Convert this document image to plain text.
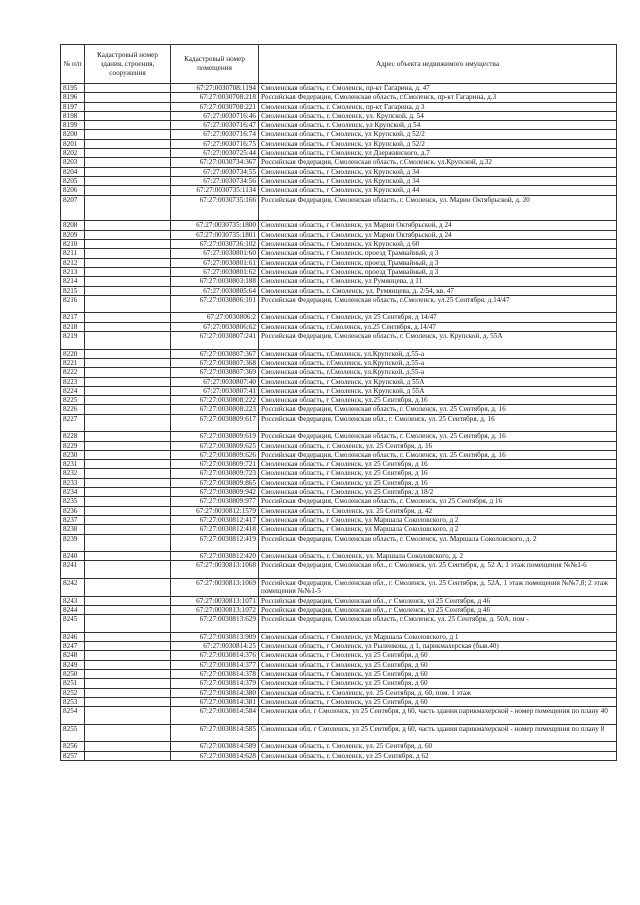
№ п/п	Кадастровый номер здания, строения, сооружения	Кадастровый номер помещения	Адрес объекта недвижимого имущества
8195		67:27:0030708:1194	Смоленская область, г. Смоленск, пр-кт Гагарина, д. 47
8196		67:27:0030708:218	Российская Федерация, Смоленская область, г.Смоленск, пр-кт Гагарина, д.3
8197		67:27:0030708:221	Смоленская область, г. Смоленск, пр-кт Гагарина, д 3
8198		67:27:0030716:46	Смоленская область, г. Смоленск, ул. Крупской, д. 54
8199		67:27:0030716:47	Смоленская область, г. Смоленск, ул Крупской, д 54
8200		67:27:0030716:74	Смоленская область, г Смоленск, ул Крупской, д 52/2
8201		67:27:0030716:75	Смоленская область, г Смоленск, ул Крупской, д 52/2
8202		67:27:0030725:44	Смоленская область, г Смоленск, ул Дзержинского, д.7
8203		67:27:0030734:367	Российская Федерация, Смоленская область, г.Смоленск, ул.Крупской, д.32
8204		67:27:0030734:55	Смоленская область, г Смоленск, ул Крупской, д 34
8205		67:27:0030734:56	Смоленская область, г Смоленск, ул Крупской, д 34
8206		67:27:0030735:1134	Смоленская область, г Смоленск, ул Крупской, д 44
8207		67:27:0030735:166	Российская Федерация, Смоленская область, г. Смоленск, ул. Марии Октябрьской, д. 20
8208		67:27:0030735:1800	Смоленская область, г Смоленск, ул Марии Октябрьской, д 24
8209		67:27:0030735:1801	Смоленская область, г Смоленск, ул Марии Октябрьской, д 24
8210		67:27:0030736:102	Смоленская область, г Смоленск, ул Крупской, д 60
8211		67:27:0030801:60	Смоленская область, г Смоленск, проезд Трамвайный, д 3
8212		67:27:0030801:61	Смоленская область, г Смоленск, проезд Трамвайный, д 3
8213		67:27:0030801:62	Смоленская область, г Смоленск, проезд Трамвайный, д 3
8214		67:27:0030803:188	Смоленская область, г Смоленск, ул Румянцева, д 11
8215		67:27:0030805:64	Смоленская область, г. Смоленск, ул. Румянцева, д. 2/54, кв. 47
8216		67:27:0030806:101	Российская Федерация, Смоленская область, г.Смоленск, ул.25 Сентября, д.14/47
8217		67:27:0030806:2	Смоленская область, г Смоленск, ул 25 Сентября, д 14/47
8218		67:27:0030806:62	Смоленская область, г.Смоленск, ул.25 Сентября, д.14/47
8219		67:27:0030807:241	Российская Федерация, Смоленская область, г. Смоленск, ул. Крупской, д. 55А
8220		67:27:0030807:367	Смоленская область, г.Смоленск, ул.Крупской, д.55-а
8221		67:27:0030807:368	Смоленская область, г.Смоленск, ул.Крупской, д.55-а
8222		67:27:0030807:369	Смоленская область, г.Смоленск, ул.Крупской, д.55-а
8223		67:27:0030807:40	Смоленская область, г Смоленск, ул Крупской, д 55А
8224		67:27:0030807:41	Смоленская область, г Смоленск, ул Крупской, д 55А
8225		67:27:0030808:222	Смоленская область, г Смоленск, ул.25 Сентября, д.16
8226		67:27:0030808:223	Российская Федерация, Смоленская область, г. Смоленск, ул. 25 Сентября, д. 16
8227		67:27:0030809:617	Российская Федерация, Смоленская обл., г. Смоленск, ул. 25 Сентября, д. 16
8228		67:27:0030809:619	Российская Федерация, Смоленская область, г. Смоленск, ул. 25 Сентября, д. 16
8229		67:27:0030809:625	Смоленская область, г. Смоленск, ул. 25 Сентября, д. 16
8230		67:27:0030809:626	Российская Федерация, Смоленская область, г. Смоленск, ул. 25 Сентября, д. 16
8231		67:27:0030809:721	Смоленская область, г Смоленск, ул 25 Сентября, д 16
8232		67:27:0030809:723	Смоленская область, г Смоленск, ул 25 Сентября, д 16
8233		67:27:0030809:865	Смоленская область, г Смоленск, ул 25 Сентября, д 16
8234		67:27:0030809:942	Смоленская область, г Смоленск, ул 25 Сентября, д 18/2
8235		67:27:0030809:977	Российская Федерация, Смоленская область, г. Смоленск, ул 25 Сентября, д 16
8236		67:27:0030812:1579	Смоленская область, г. Смоленск, ул. 25 Сентября, д. 42
8237		67:27:0030812:417	Смоленская область, г Смоленск, ул Маршала Соколовского, д 2
8238		67:27:0030812:418	Смоленская область, г Смоленск, ул Маршала Соколовского, д 2
8239		67:27:0030812:419	Российская Федерация, Смоленская область, г. Смоленск, ул. Маршала Соколовского, д. 2
8240		67:27:0030812:420	Смоленская область, г. Смоленск, ул. Маршала Соколовского, д. 2
8241		67:27:0030813:1068	Российская Федерация, Смоленская обл., г. Смоленск, ул. 25 Сентября, д. 52 А, 1 этаж помещения №№1-6
8242		67:27:0030813:1069	Российская Федерация, Смоленская обл., г. Смоленск, ул. 25 Сентября, д. 52А, 1 этаж помещения №№7,8; 2 этаж помещения №№1-5
8243		67:27:0030813:1071	Российская Федерация, Смоленская обл., г Смоленск, ул 25 Сентября, д 46
8244		67:27:0030813:1072	Российская Федерация, Смоленская обл., г Смоленск, ул 25 Сентября, д 46
8245		67:27:0030813:629	Российская Федерация, Смоленская область, г.Смоленск, ул. 25 Сентября, д. 50А, пом -
8246		67:27:0030813:909	Смоленская область, г Смоленск, ул Маршала Соколовского, д 1
8247		67:27:0030814:25	Смоленская область, г Смоленск, ул Рыленкова, д 1, парикмахерская (быв.40)
8248		67:27:0030814:376	Смоленская область, г Смоленск, ул 25 Сентября, д 60
8249		67:27:0030814:377	Смоленская область, г Смоленск, ул 25 Сентября, д 60
8250		67:27:0030814:378	Смоленская область, г Смоленск, ул 25 Сентября, д 60
8251		67:27:0030814:379	Смоленская область, г Смоленск, ул 25 Сентября, д 60
8252		67:27:0030814:380	Смоленская область, г. Смоленск, ул. 25 Сентября, д. 60, пом. 1 этаж
8253		67:27:0030814:381	Смоленская область, г Смоленск, ул 25 Сентября, д 60
8254		67:27:0030814:584	Смоленская обл, г Смоленск, ул 25 Сентября, д 60, часть здания парикмахерской - номер помещения по плану 40
8255		67:27:0030814:585	Смоленская обл, г Смоленск, ул 25 Сентября, д 60, часть здания парикмахерской - номер помещения по плану 8
8256		67:27:0030814:589	Смоленская область, г. Смоленск, ул. 25 Сентября, д. 60
8257		67:27:0030814:628	Смоленская область, г. Смоленск, ул 25 Сентября, д 62
